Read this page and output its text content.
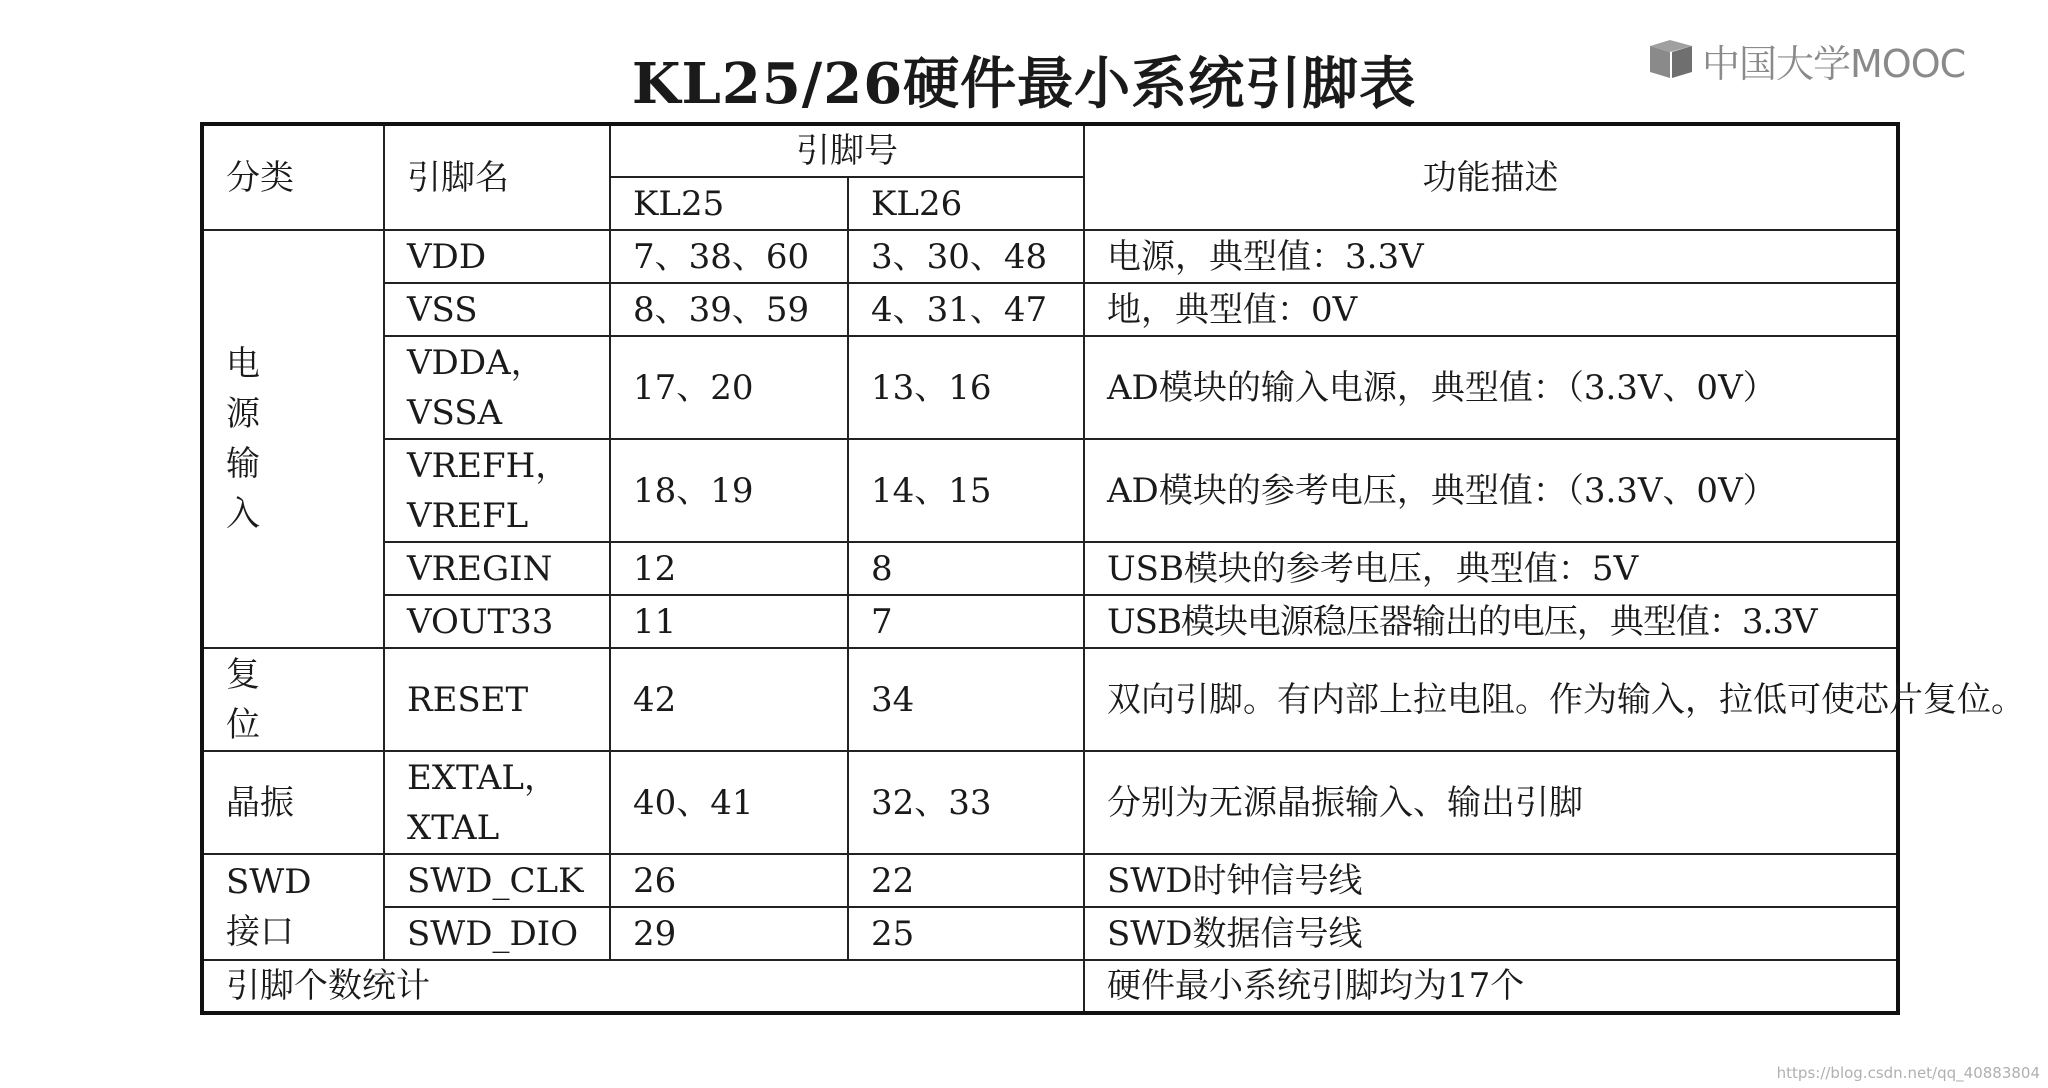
KL25/26硬件最小系统引脚表	中国大学MOOC
分类	引脚名	引脚号		功能描述
		KL25	KL26	
电源输入	VDD	7、38、60	3、30、48	电源，典型值：3.3V
	VSS	8、39、59	4、31、47	地，典型值：0V
	VDDA，VSSA	17、20	13、16	AD模块的输入电源，典型值：（3.3V、0V）
	VREFH，VREFL	18、19	14、15	AD模块的参考电压，典型值：（3.3V、0V）
	VREGIN	12	8	USB模块的参考电压，典型值：5V
	VOUT33	11	7	USB模块电源稳压器输出的电压，典型值：3.3V
复位	RESET	42	34	双向引脚。有内部上拉电阻。作为输入，拉低可使芯片复位。
晶振	EXTAL，XTAL	40、41	32、33	分别为无源晶振输入、输出引脚
SWD接口	SWD_CLK	26	22	SWD时钟信号线
	SWD_DIO	29	25	SWD数据信号线
引脚个数统计				硬件最小系统引脚均为17个
https://blog.csdn.net/qq_40883804
